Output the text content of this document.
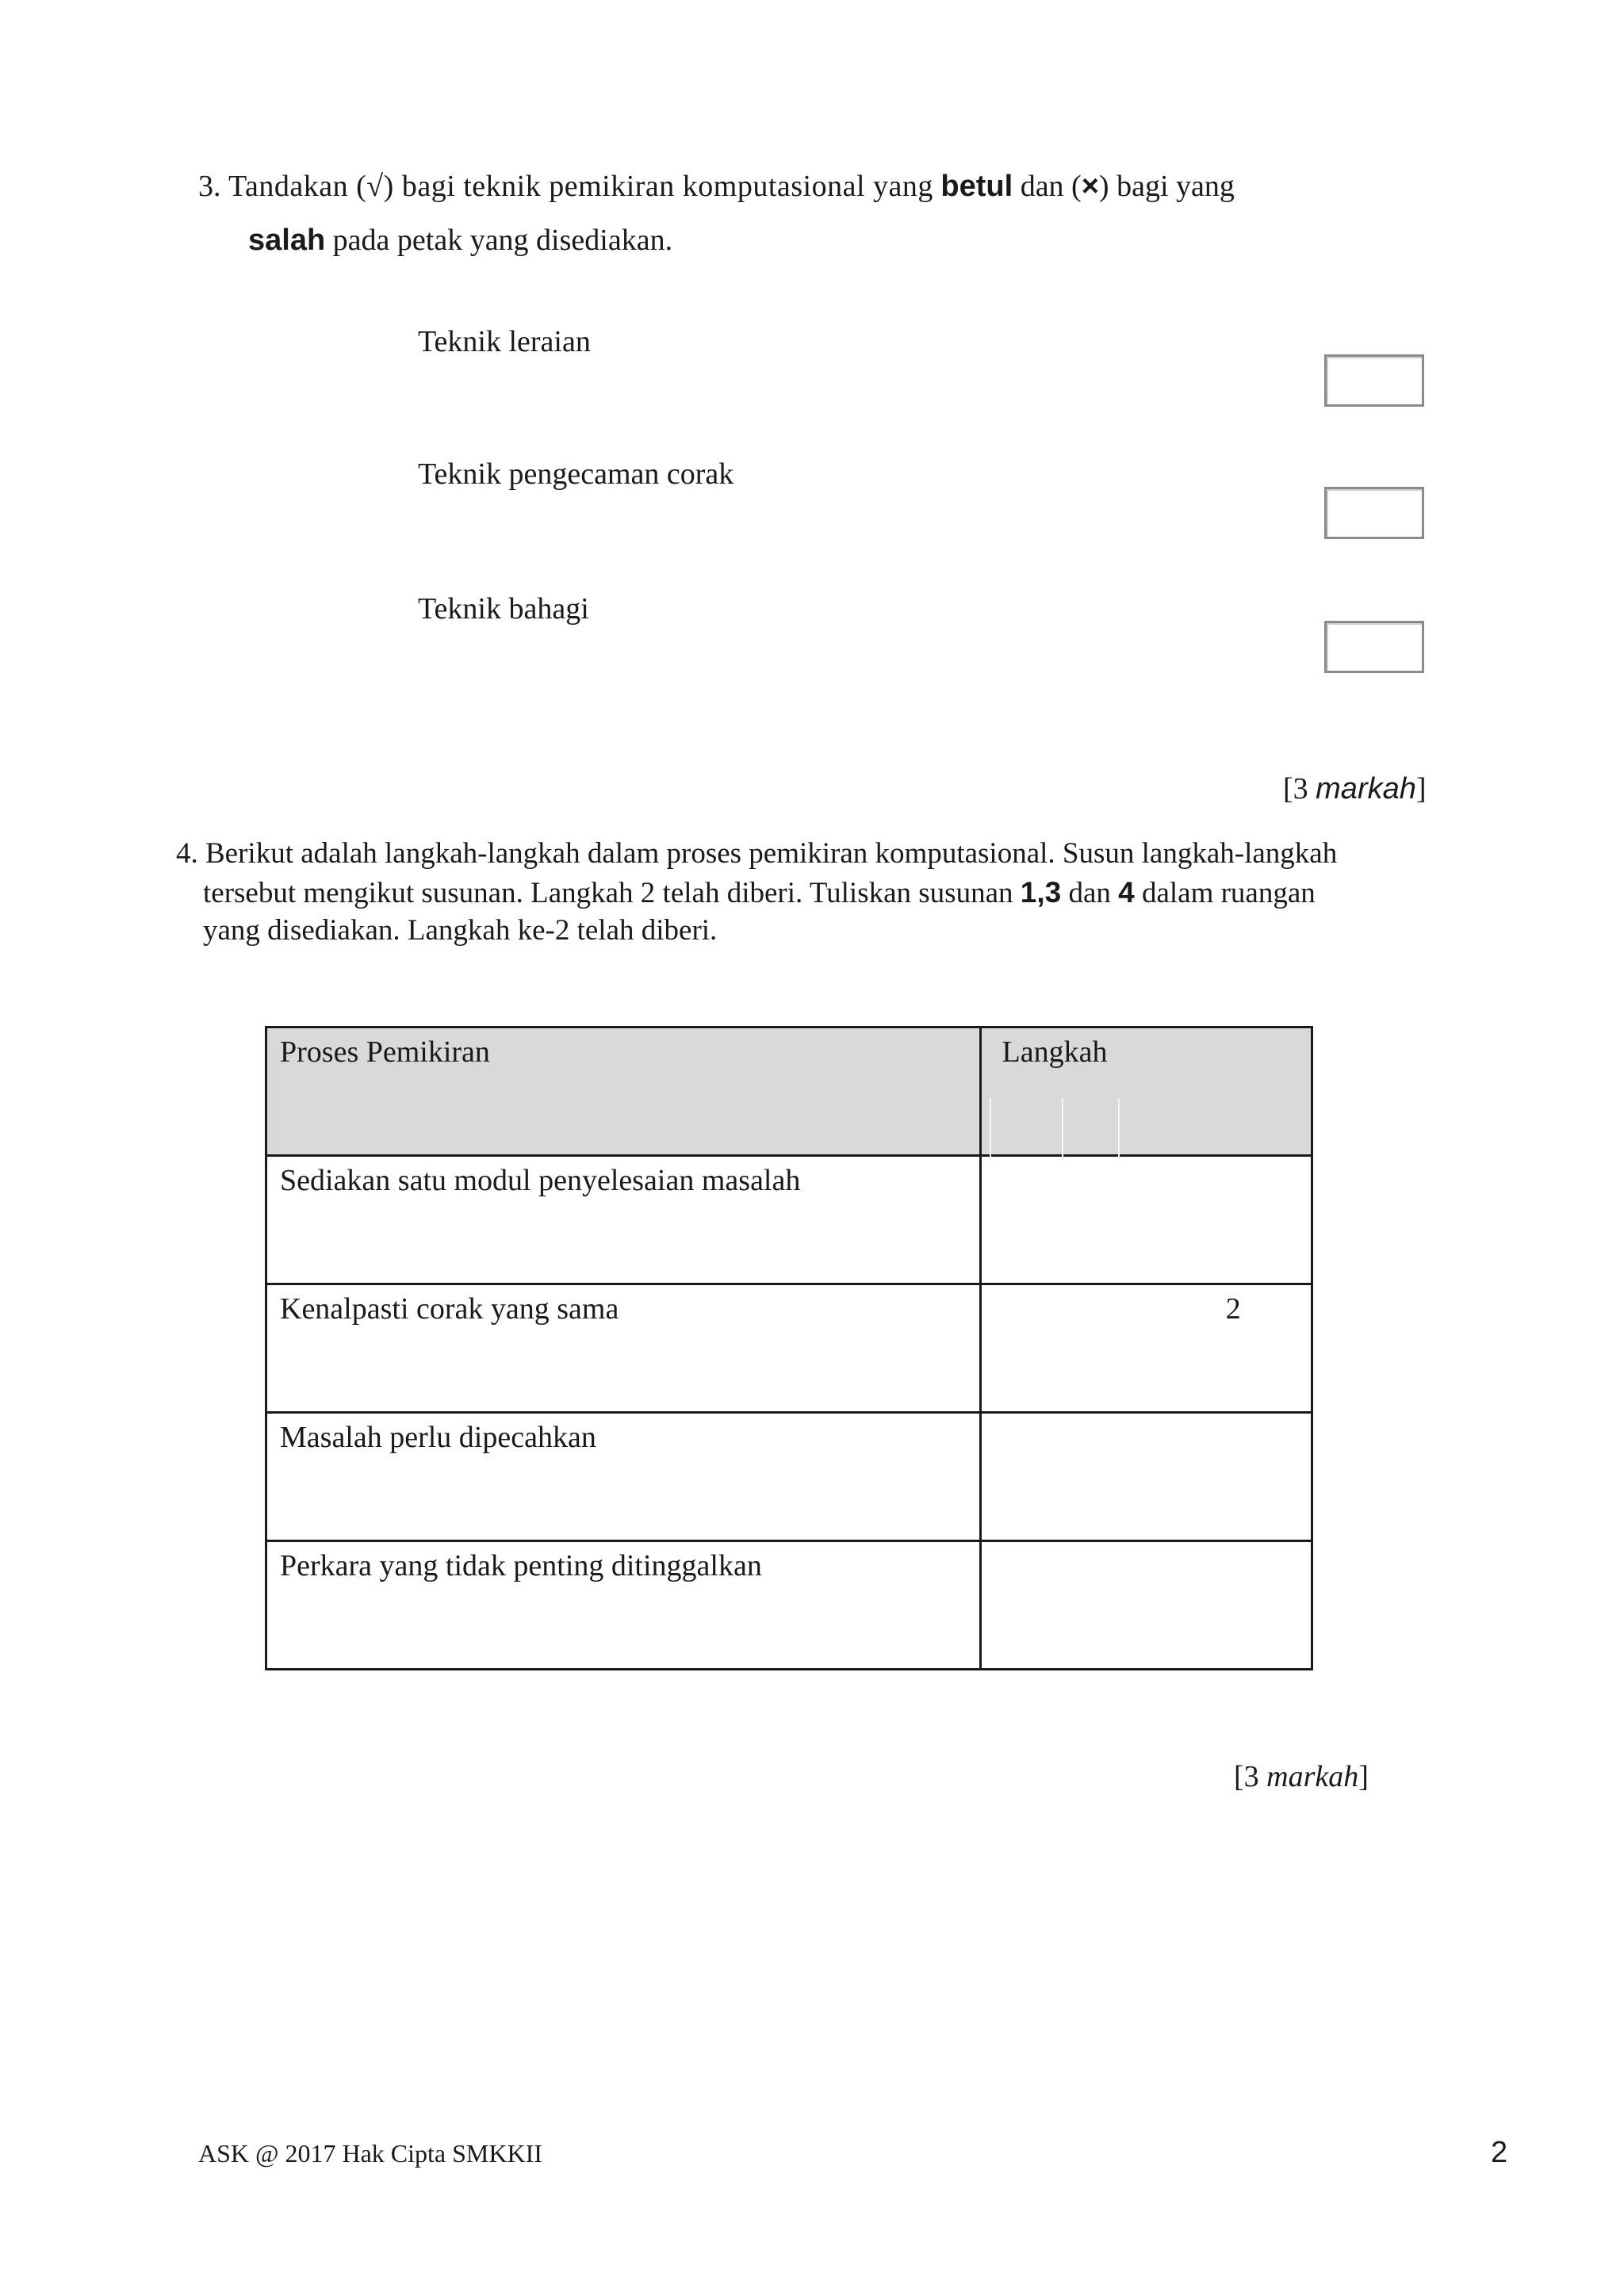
3. Tandakan (√) bagi teknik pemikiran komputasional yang betul dan (×) bagi yang
salah pada petak yang disediakan.
Teknik leraian
Teknik pengecaman corak
Teknik bahagi
[3 markah]
4. Berikut adalah langkah-langkah dalam proses pemikiran komputasional. Susun langkah-langkah
tersebut mengikut susunan. Langkah 2 telah diberi. Tuliskan susunan 1,3 dan 4 dalam ruangan
yang disediakan. Langkah ke-2 telah diberi.
Proses Pemikiran	Langkah

Sediakan satu modul penyelesaian masalah	

Kenalpasti corak yang sama	2

Masalah perlu dipecahkan	

Perkara yang tidak penting ditinggalkan	
[3 markah]
ASK @ 2017 Hak Cipta SMKKII	2
